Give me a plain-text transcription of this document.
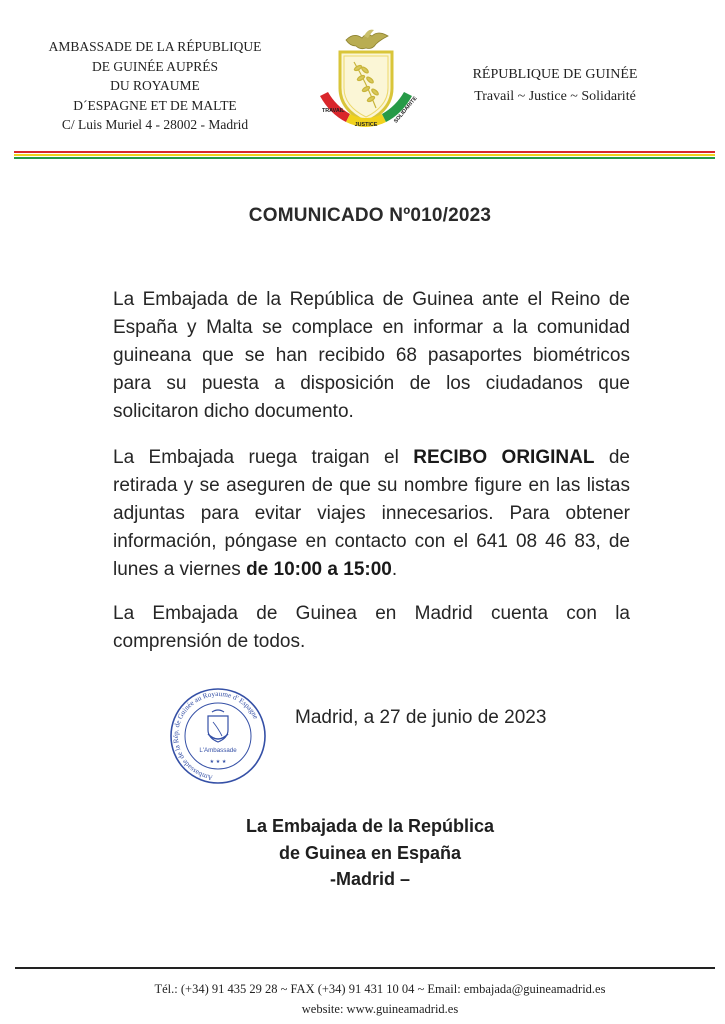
AMBASSADE DE LA RÉPUBLIQUE
DE GUINÉE AUPRÉS
DU ROYAUME
D´ESPAGNE ET DE MALTE
C/ Luis Muriel 4 - 28002 - Madrid
TRAVAIL
JUSTICE
SOLIDARITE
RÉPUBLIQUE DE GUINÉE
Travail ~ Justice ~ Solidarité
COMUNICADO Nº010/2023
La Embajada de la República de Guinea ante el Reino de
España y Malta se complace en informar a la comunidad
guineana que se han recibido 68 pasaportes biométricos
para su puesta a disposición de los ciudadanos que
solicitaron dicho documento.
La Embajada ruega traigan el RECIBO ORIGINAL de
retirada y se aseguren de que su nombre figure en las listas
adjuntas para evitar viajes innecesarios. Para obtener
información, póngase en contacto con el 641 08 46 83, de
lunes a viernes de 10:00 a 15:00.
La Embajada de Guinea en Madrid cuenta con la
comprensión de todos.
Ambassade de la Rép. de Guinée au Royaume d' Espagne
L'Ambassade
★ ★ ★
Madrid, a 27 de junio de 2023
La Embajada de la República
de Guinea en España
-Madrid –
Tél.: (+34) 91 435 29 28 ~ FAX (+34) 91 431 10 04 ~ Email: embajada@guineamadrid.es
website: www.guineamadrid.es
